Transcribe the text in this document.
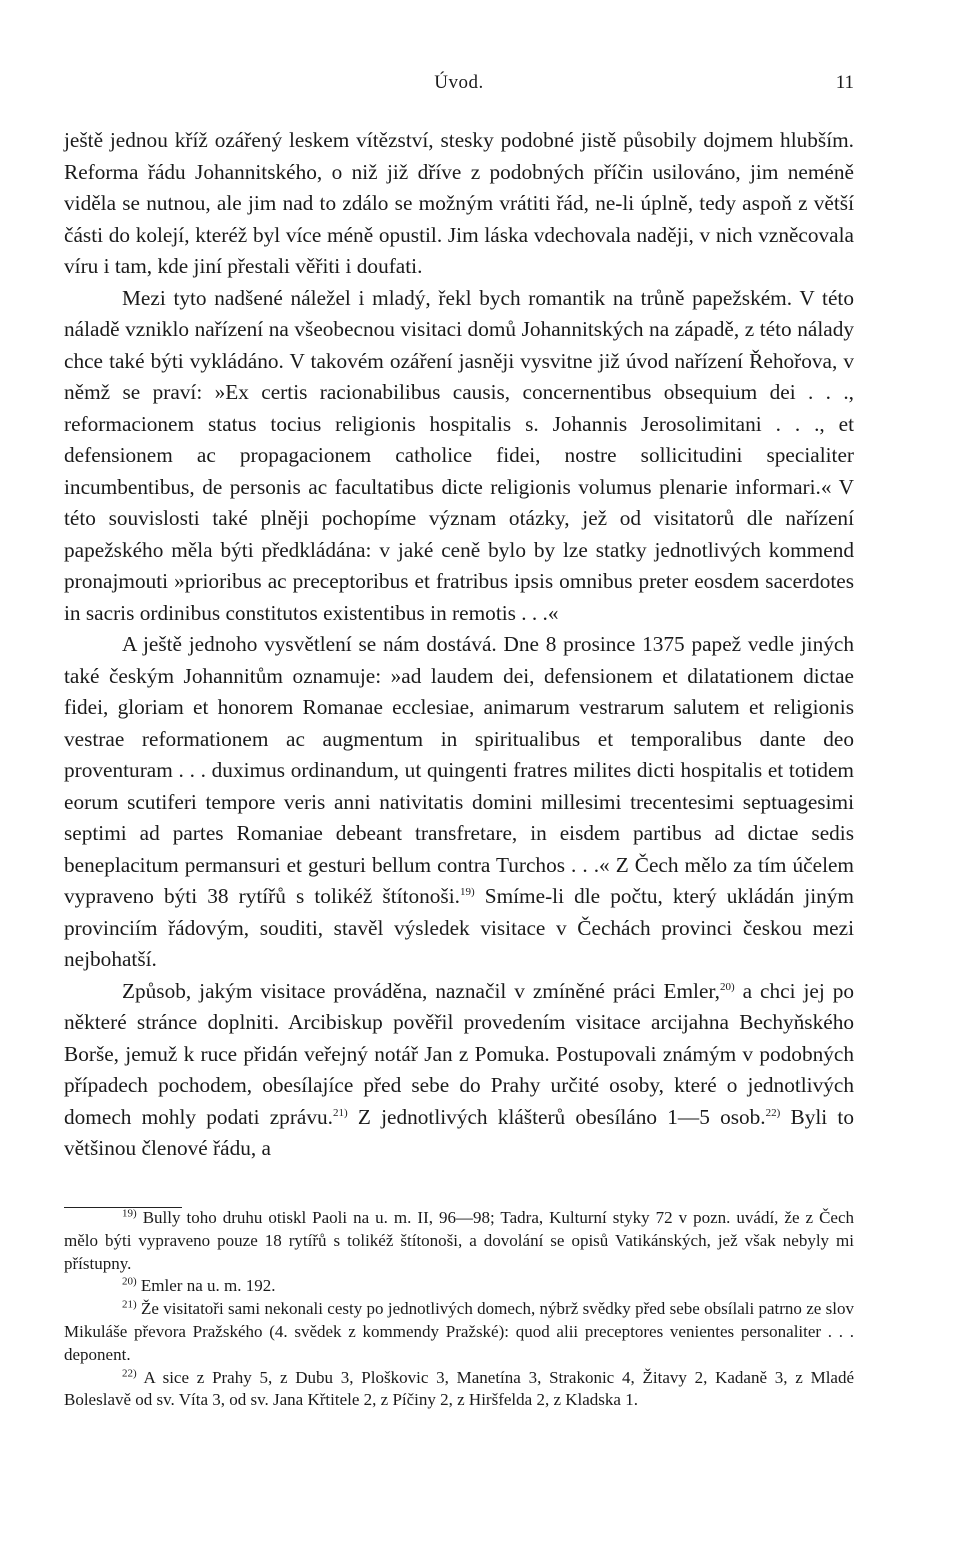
Úvod.	11

ještě jednou kříž ozářený leskem vítězství, stesky podobné jistě působily dojmem hlubším. Reforma řádu Johannitského, o niž již dříve z podobných příčin usilováno, jim neméně viděla se nutnou, ale jim nad to zdálo se možným vrátiti řád, ne-li úplně, tedy aspoň z větší části do kolejí, kteréž byl více méně opustil. Jim láska vdechovala naději, v nich vzněcovala víru i tam, kde jiní přestali věřiti i doufati.

Mezi tyto nadšené náležel i mladý, řekl bych romantik na trůně papežském. V této náladě vzniklo nařízení na všeobecnou visitaci domů Johannitských na západě, z této nálady chce také býti vykládáno. V takovém ozáření jasněji vysvitne již úvod nařízení Řehořova, v němž se praví: »Ex certis racionabilibus causis, concernentibus obsequium dei . . ., reformacionem status tocius religionis hospitalis s. Johannis Jerosolimitani . . ., et defensionem ac propagacionem catholice fidei, nostre sollicitudini specialiter incumbentibus, de personis ac facultatibus dicte religionis volumus plenarie informari.« V této souvislosti také plněji pochopíme význam otázky, jež od visitatorů dle nařízení papežského měla býti předkládána: v jaké ceně bylo by lze statky jednotlivých kommend pronajmouti »prioribus ac preceptoribus et fratribus ipsis omnibus preter eosdem sacerdotes in sacris ordinibus constitutos existentibus in remotis . . .«

A ještě jednoho vysvětlení se nám dostává. Dne 8 prosince 1375 papež vedle jiných také českým Johannitům oznamuje: »ad laudem dei, defensionem et dilatationem dictae fidei, gloriam et honorem Romanae ecclesiae, animarum vestrarum salutem et religionis vestrae reformationem ac augmentum in spiritualibus et temporalibus dante deo proventuram . . . duximus ordinandum, ut quingenti fratres milites dicti hospitalis et totidem eorum scutiferi tempore veris anni nativitatis domini millesimi trecentesimi septuagesimi septimi ad partes Romaniae debeant transfretare, in eisdem partibus ad dictae sedis beneplacitum permansuri et gesturi bellum contra Turchos . . .« Z Čech mělo za tím účelem vypraveno býti 38 rytířů s tolikéž štítonoši.$^{19)}$ Smíme-li dle počtu, který ukládán jiným provinciím řádovým, souditi, stavěl výsledek visitace v Čechách provinci českou mezi nejbohatší.

Způsob, jakým visitace prováděna, naznačil v zmíněné práci Emler,$^{20)}$ a chci jej po některé stránce doplniti. Arcibiskup pověřil provedením visitace arcijahna Bechyňského Borše, jemuž k ruce přidán veřejný notář Jan z Pomuka. Postupovali známým v podobných případech pochodem, obesílajíce před sebe do Prahy určité osoby, které o jednotlivých domech mohly podati zprávu.$^{21)}$ Z jednotlivých klášterů obesíláno 1—5 osob.$^{22)}$ Byli to většinou členové řádu, a

$^{19)}$ Bully toho druhu otiskl Paoli na u. m. II, 96—98; Tadra, Kulturní styky 72 v pozn. uvádí, že z Čech mělo býti vypraveno pouze 18 rytířů s tolikéž štítonoši, a dovolání se opisů Vatikánských, jež však nebyly mi přístupny.

$^{20)}$ Emler na u. m. 192.

$^{21)}$ Že visitatoři sami nekonali cesty po jednotlivých domech, nýbrž svědky před sebe obsílali patrno ze slov Mikuláše převora Pražského (4. svědek z kommendy Pražské): quod alii preceptores venientes personaliter . . . deponent.

$^{22)}$ A sice z Prahy 5, z Dubu 3, Ploškovic 3, Manetína 3, Strakonic 4, Žitavy 2, Kadaně 3, z Mladé Boleslavě od sv. Víta 3, od sv. Jana Křtitele 2, z Píčiny 2, z Hiršfelda 2, z Kladska 1.
